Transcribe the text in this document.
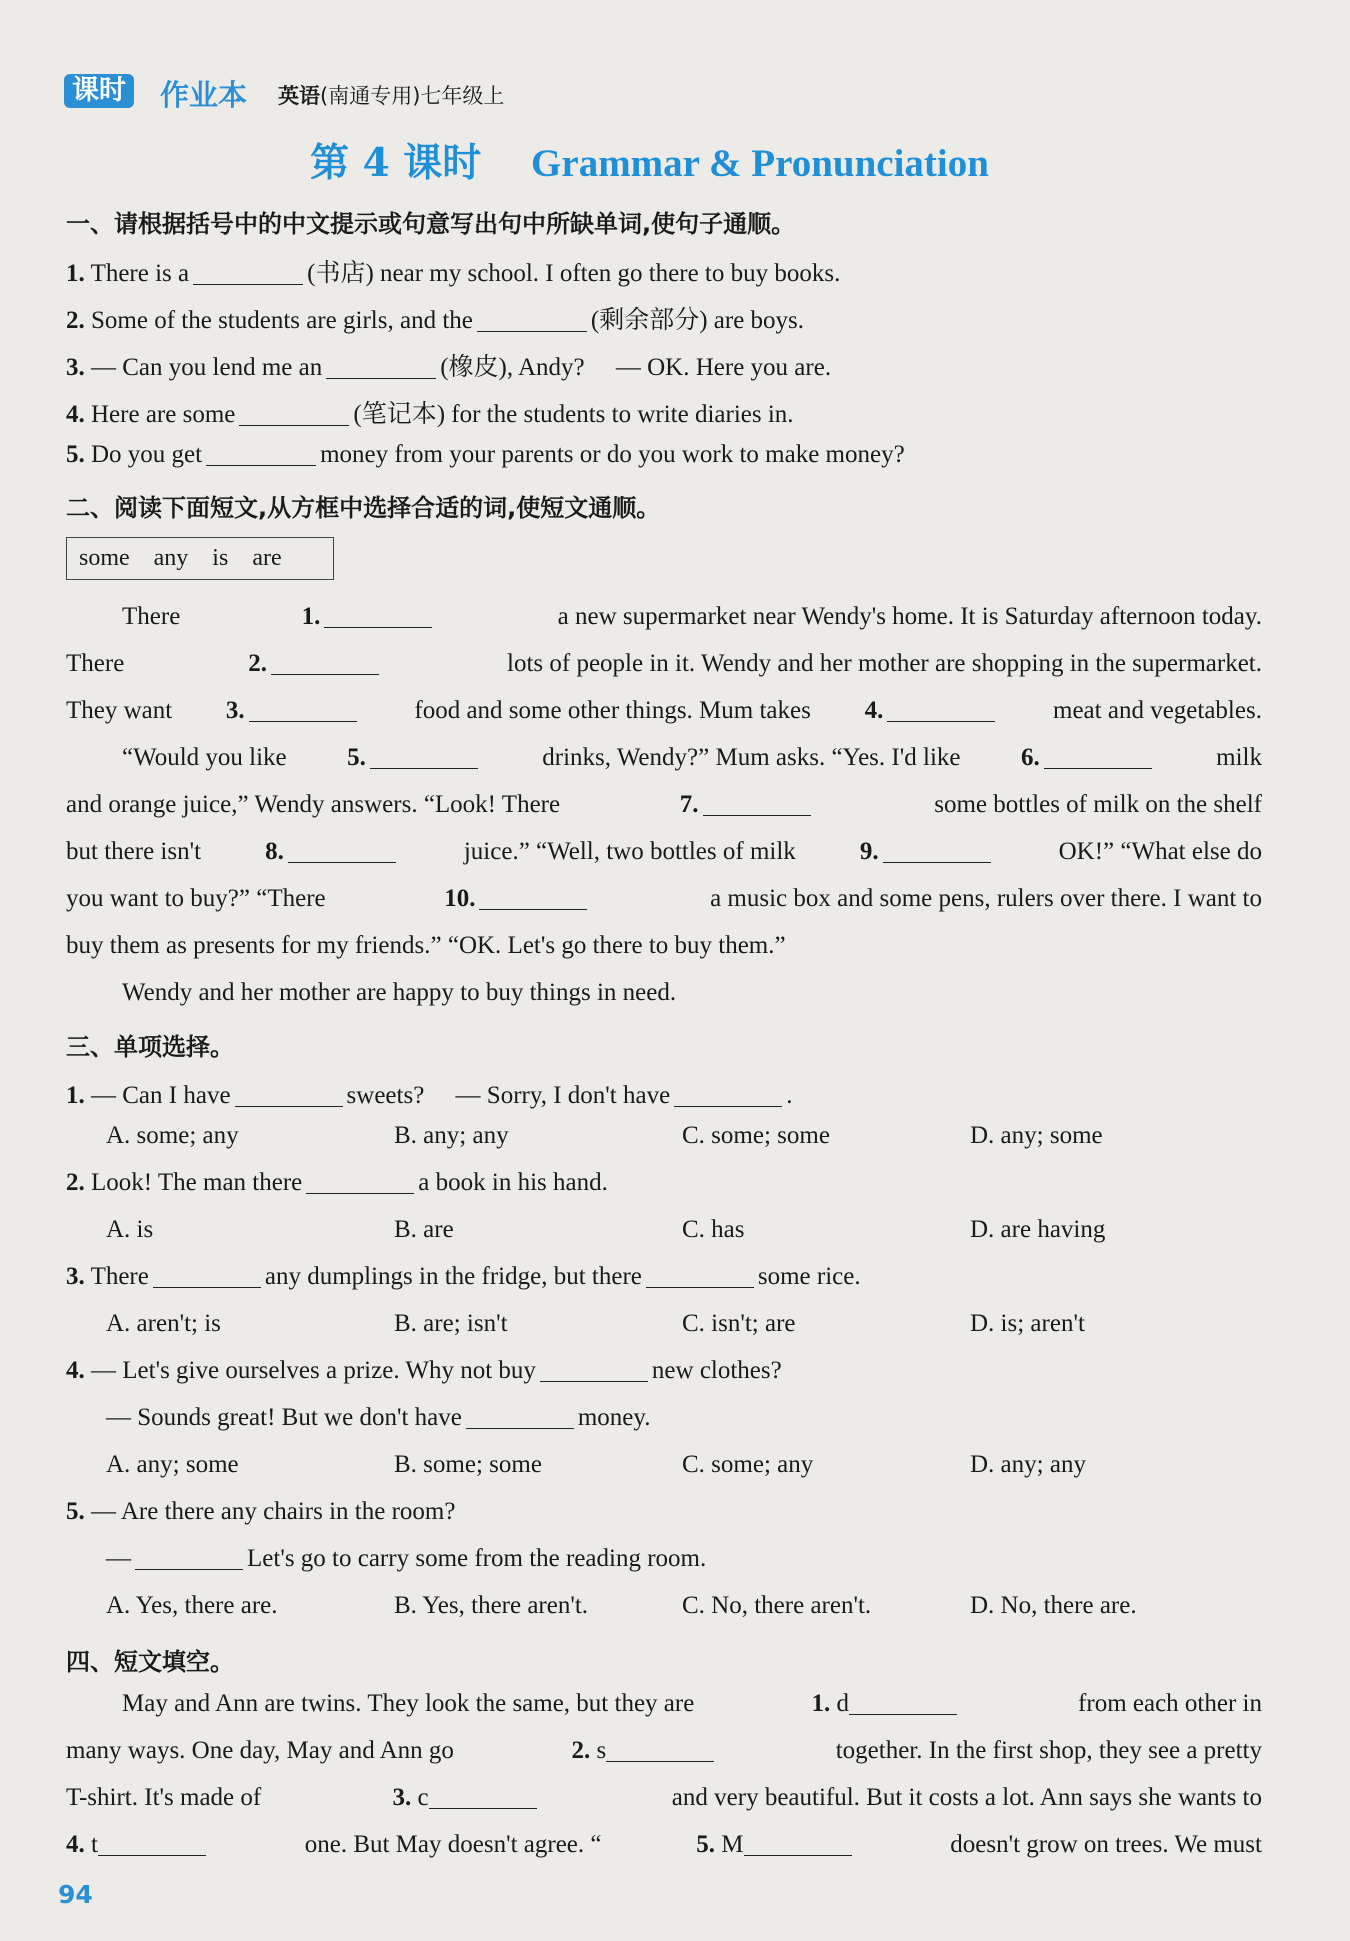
课时 作业本 英语(南通专用)七年级上
第 4 课时 Grammar & Pronunciation
一、请根据括号中的中文提示或句意写出句中所缺单词,使句子通顺。
1. There is a	(书店) near my school. I often go there to buy books.
2. Some of the students are girls, and the	(剩余部分) are boys.
3. — Can you lend me an	(橡皮), Andy?　 — OK. Here you are.
4. Here are some	(笔记本) for the students to write diaries in.
5. Do you get	money from your parents or do you work to make money?
二、阅读下面短文,从方框中选择合适的词,使短文通顺。
some　any　is　are
There	1.	a new supermarket near Wendy's home. It is Saturday afternoon today.
There	2.	lots of people in it. Wendy and her mother are shopping in the supermarket.
They want 3.	food and some other things. Mum takes 4.	meat and vegetables.
“Would you like 5.	drinks, Wendy?” Mum asks. “Yes. I'd like 6.	milk
and orange juice,” Wendy answers. “Look! There	7.	some bottles of milk on the shelf
but there isn't	8.	juice.” “Well, two bottles of milk	9.	OK!” “What else do
you want to buy?” “There	10.	a music box and some pens, rulers over there. I want to
buy them as presents for my friends.” “OK. Let's go there to buy them.”
Wendy and her mother are happy to buy things in need.
三、单项选择。
1. — Can I have	sweets?　 — Sorry, I don't have	.
A. some; any	B. any; any	C. some; some	D. any; some
2. Look! The man there	a book in his hand.
A. is	B. are	C. has	D. are having
3. There	any dumplings in the fridge, but there	some rice.
A. aren't; is	B. are; isn't	C. isn't; are	D. is; aren't
4. — Let's give ourselves a prize. Why not buy	new clothes?
— Sounds great! But we don't have	money.
A. any; some	B. some; some	C. some; any	D. any; any
5. — Are there any chairs in the room?
—	Let's go to carry some from the reading room.
A. Yes, there are.	B. Yes, there aren't.	C. No, there aren't.	D. No, there are.
四、短文填空。
May and Ann are twins. They look the same, but they are	1. d	from each other in
many ways. One day, May and Ann go	2. s	together. In the first shop, they see a pretty
T-shirt. It's made of	3. c	and very beautiful. But it costs a lot. Ann says she wants to
4. t	one. But May doesn't agree. “	5. M	doesn't grow on trees. We must
94
